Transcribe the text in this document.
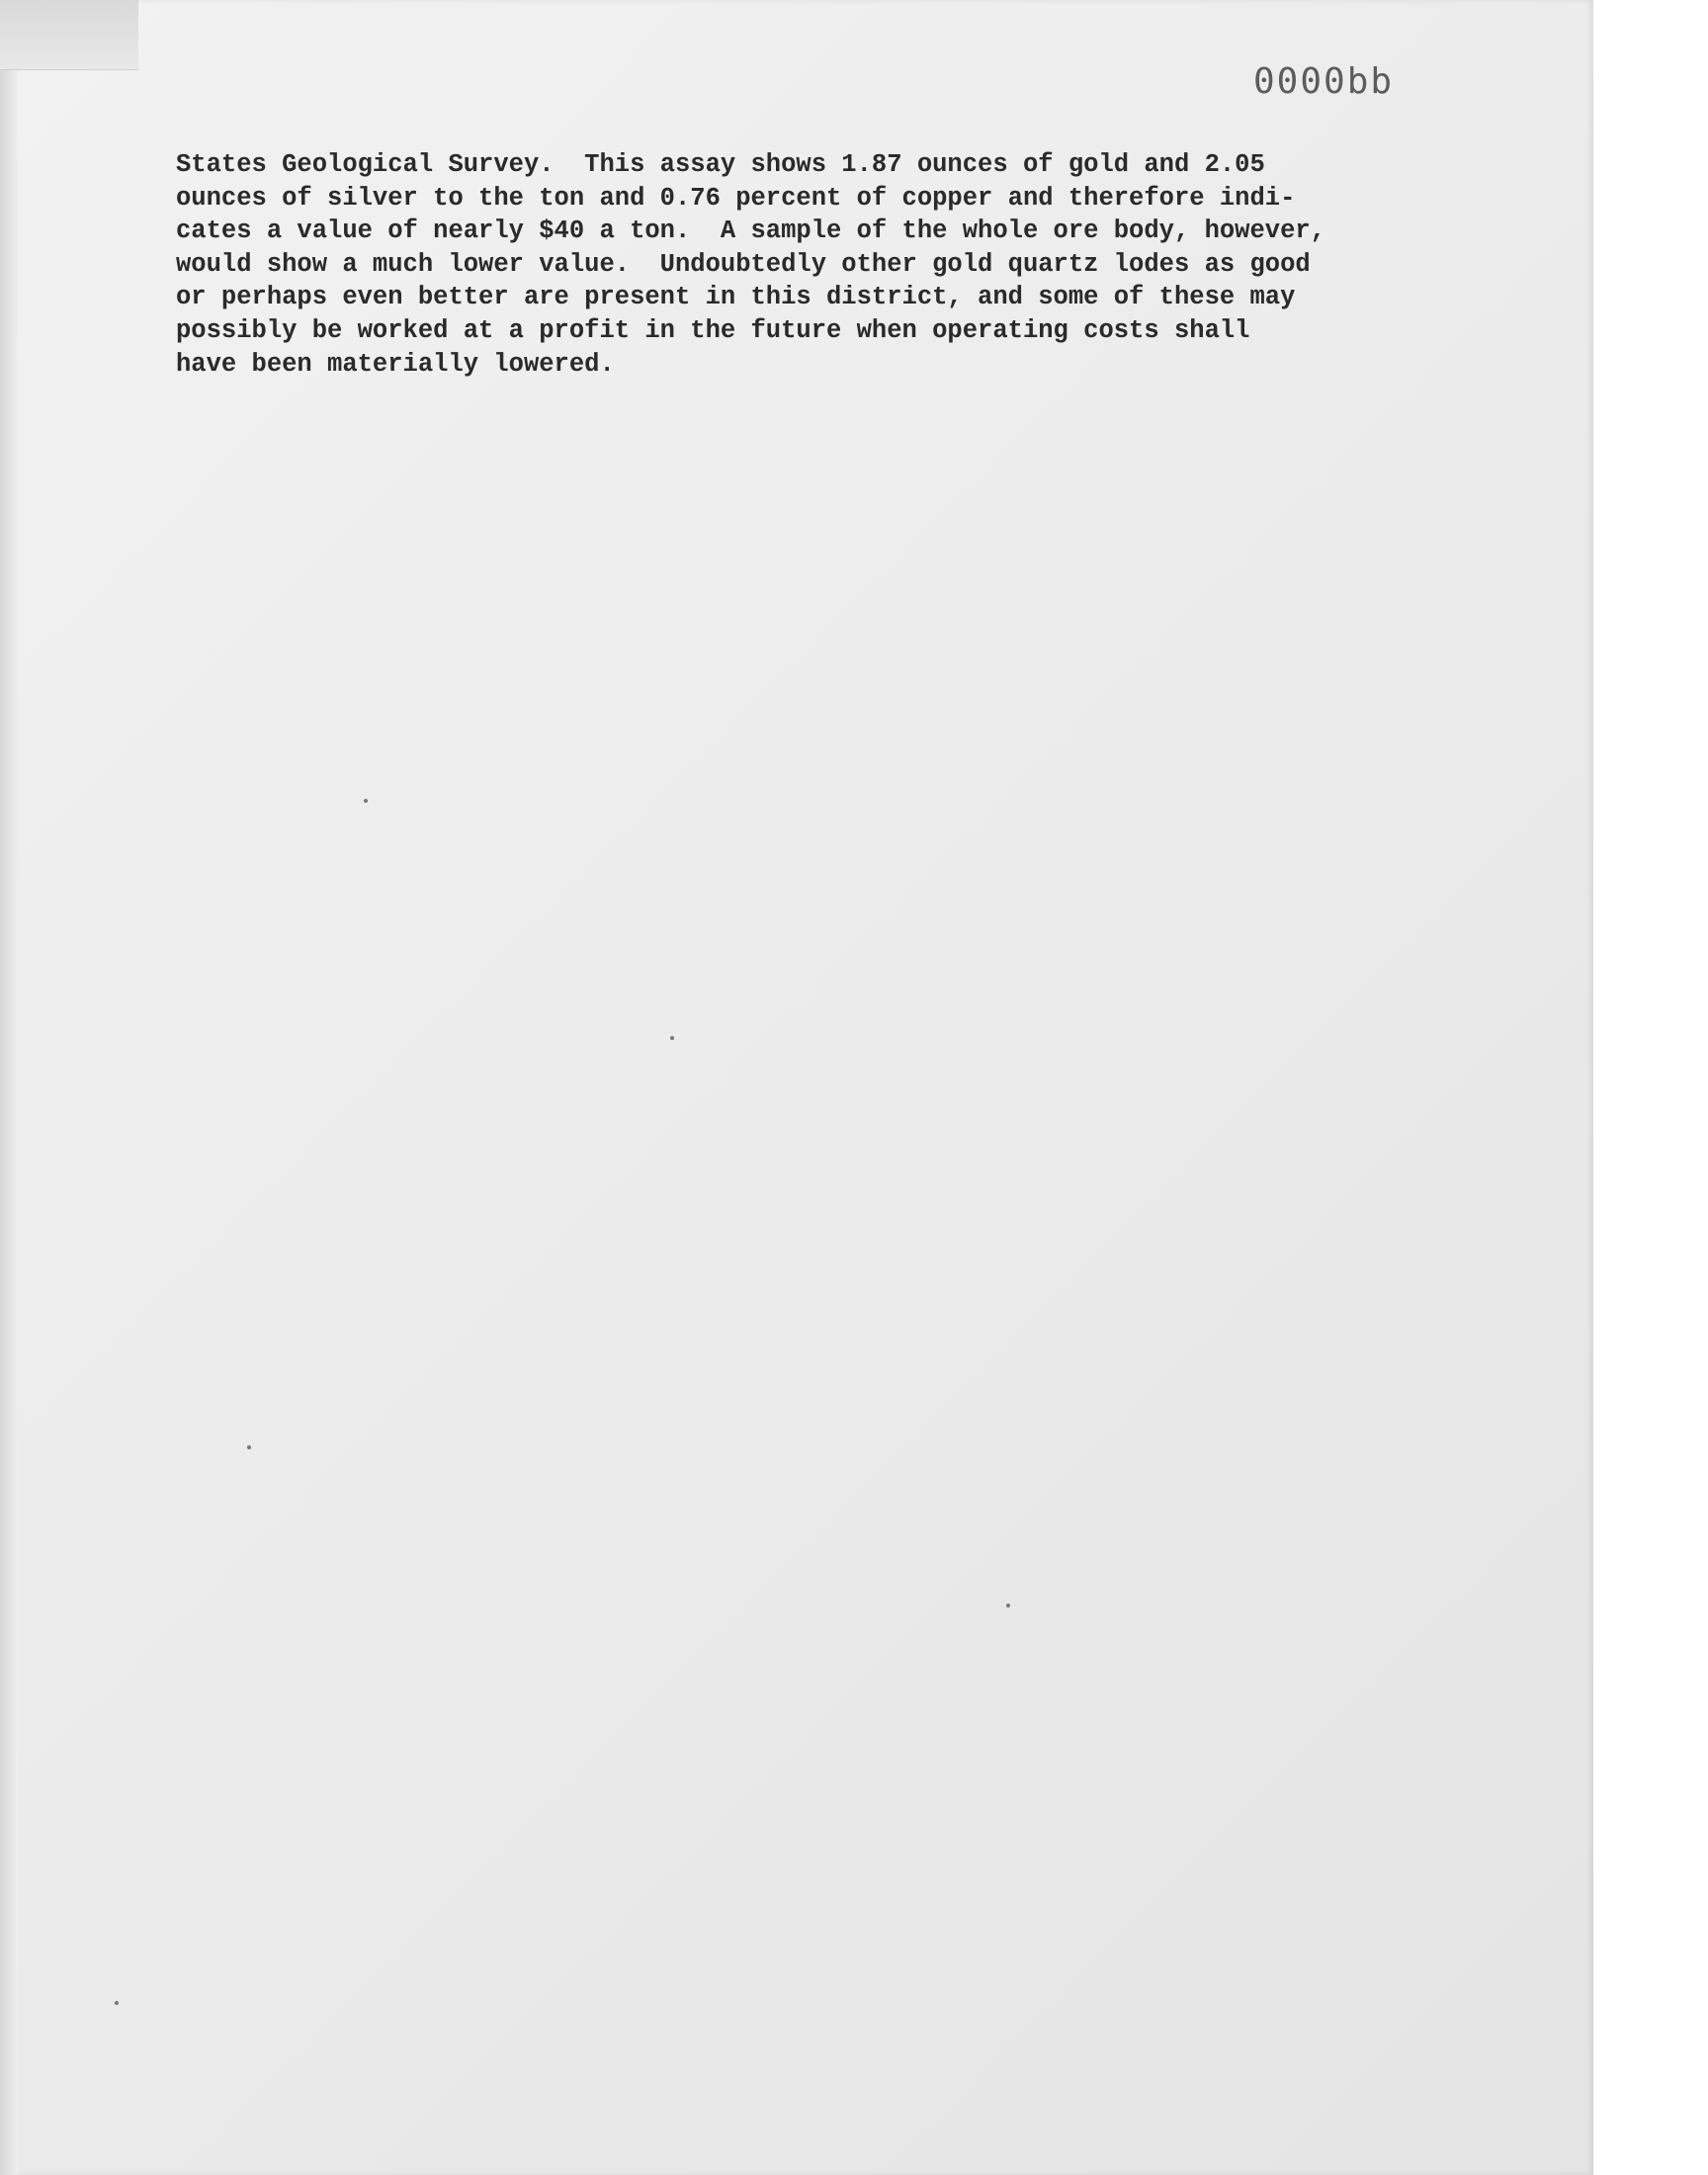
0000bb

States Geological Survey.  This assay shows 1.87 ounces of gold and 2.05
ounces of silver to the ton and 0.76 percent of copper and therefore indi-
cates a value of nearly $40 a ton.  A sample of the whole ore body, however,
would show a much lower value.  Undoubtedly other gold quartz lodes as good
or perhaps even better are present in this district, and some of these may
possibly be worked at a profit in the future when operating costs shall
have been materially lowered.
